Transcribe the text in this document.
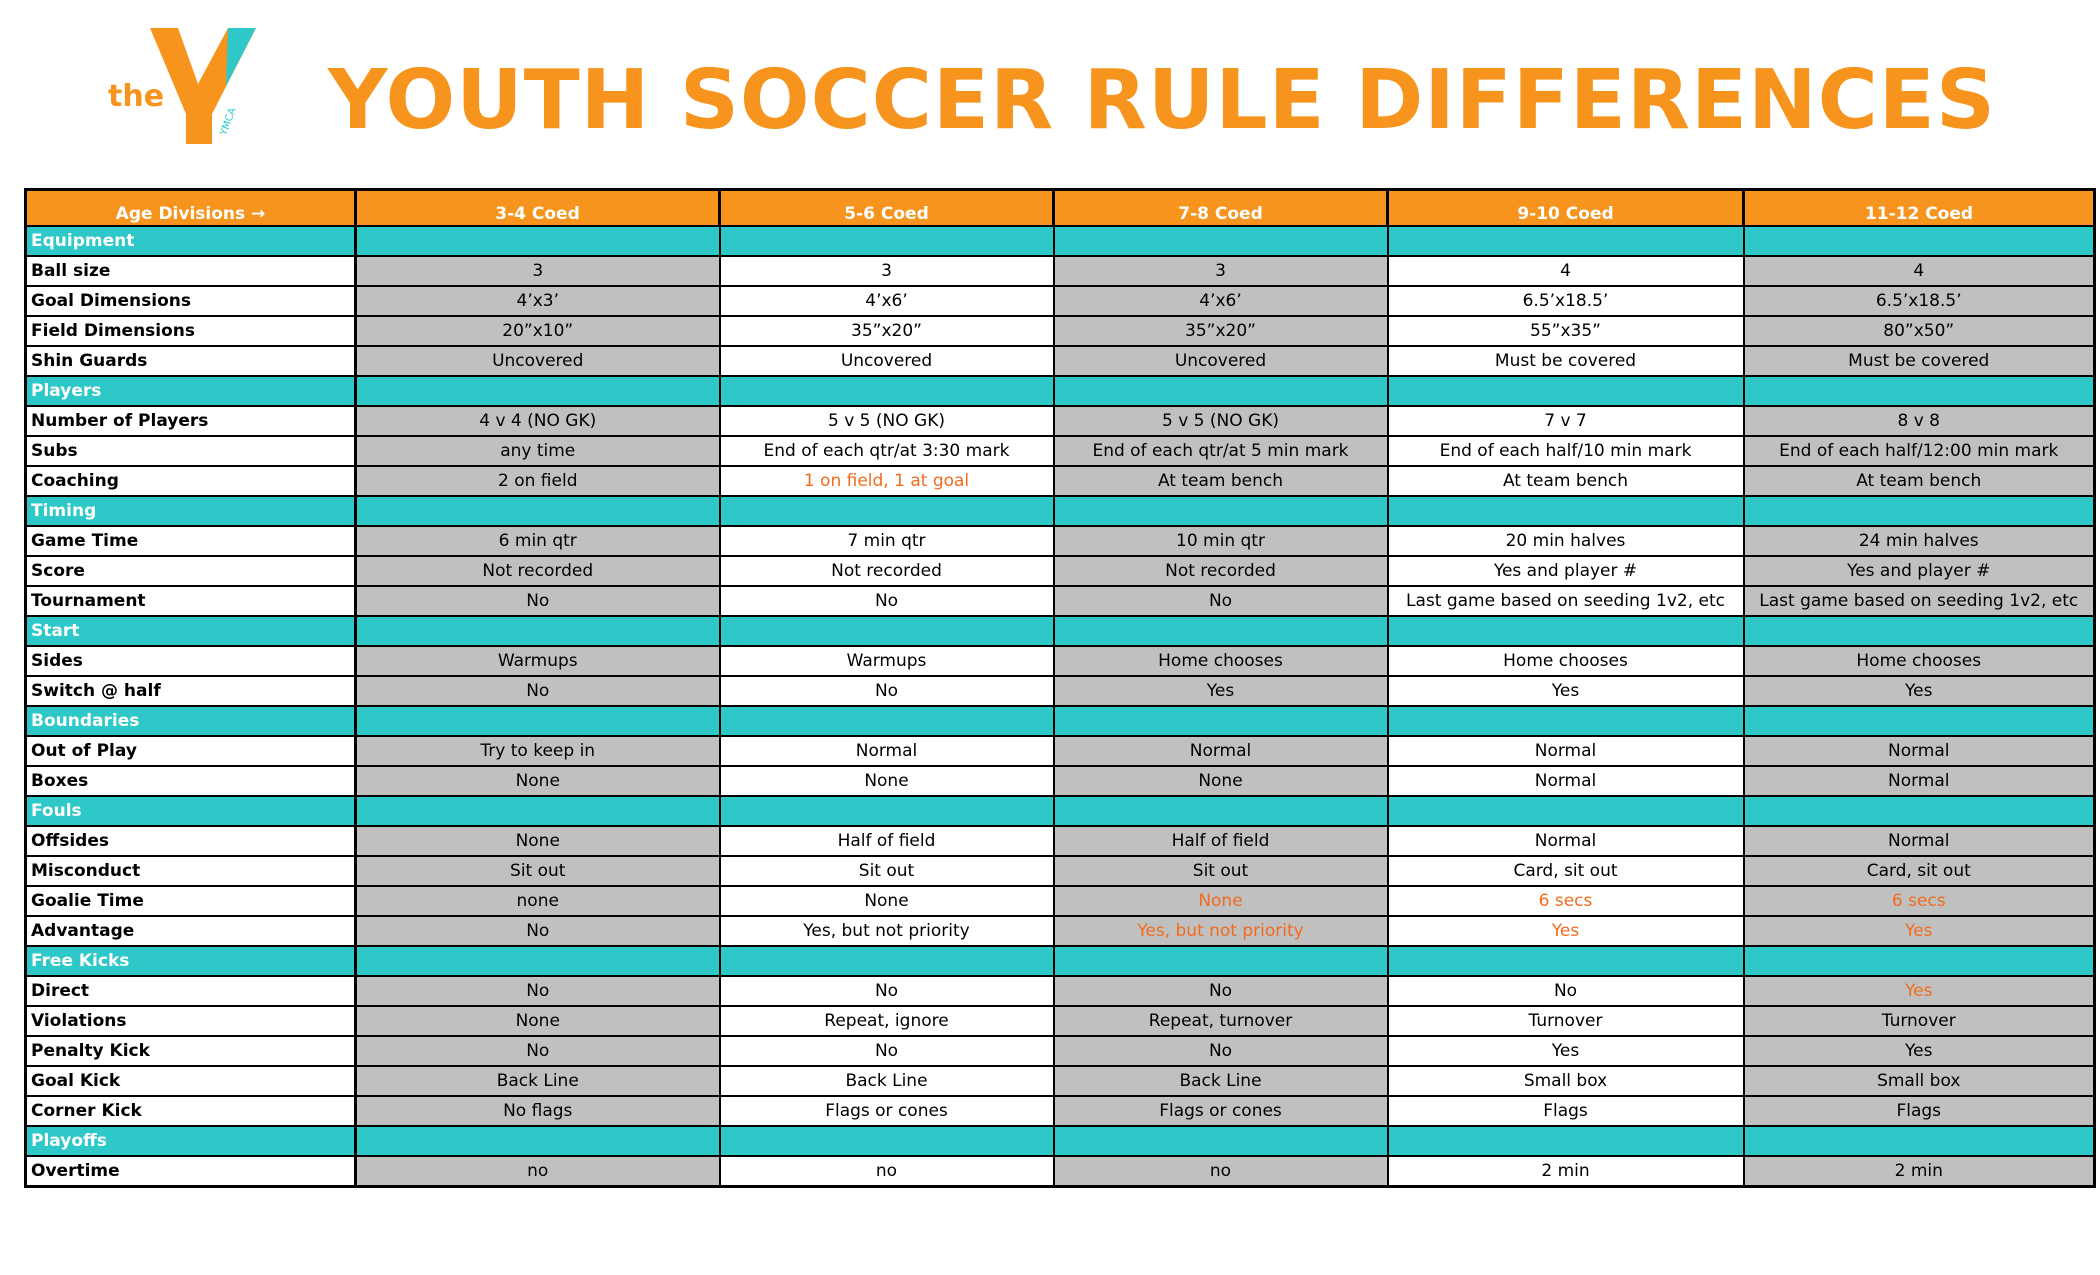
the
YMCA YOUTH SOCCER RULE DIFFERENCES
Age Divisions →	3-4 Coed	5-6 Coed	7-8 Coed	9-10 Coed	11-12 Coed
Equipment					
Ball size	3	3	3	4	4
Goal Dimensions	4’x3’	4’x6’	4’x6’	6.5’x18.5’	6.5’x18.5’
Field Dimensions	20”x10”	35”x20”	35”x20”	55”x35”	80”x50”
Shin Guards	Uncovered	Uncovered	Uncovered	Must be covered	Must be covered
Players					
Number of Players	4 v 4 (NO GK)	5 v 5 (NO GK)	5 v 5 (NO GK)	7 v 7	8 v 8
Subs	any time	End of each qtr/at 3:30 mark	End of each qtr/at 5 min mark	End of each half/10 min mark	End of each half/12:00 min mark
Coaching	2 on field	1 on field, 1 at goal	At team bench	At team bench	At team bench
Timing					
Game Time	6 min qtr	7 min qtr	10 min qtr	20 min halves	24 min halves
Score	Not recorded	Not recorded	Not recorded	Yes and player #	Yes and player #
Tournament	No	No	No	Last game based on seeding 1v2, etc	Last game based on seeding 1v2, etc
Start					
Sides	Warmups	Warmups	Home chooses	Home chooses	Home chooses
Switch @ half	No	No	Yes	Yes	Yes
Boundaries					
Out of Play	Try to keep in	Normal	Normal	Normal	Normal
Boxes	None	None	None	Normal	Normal
Fouls					
Offsides	None	Half of field	Half of field	Normal	Normal
Misconduct	Sit out	Sit out	Sit out	Card, sit out	Card, sit out
Goalie Time	none	None	None	6 secs	6 secs
Advantage	No	Yes, but not priority	Yes, but not priority	Yes	Yes
Free Kicks					
Direct	No	No	No	No	Yes
Violations	None	Repeat, ignore	Repeat, turnover	Turnover	Turnover
Penalty Kick	No	No	No	Yes	Yes
Goal Kick	Back Line	Back Line	Back Line	Small box	Small box
Corner Kick	No flags	Flags or cones	Flags or cones	Flags	Flags
Playoffs					
Overtime	no	no	no	2 min	2 min
